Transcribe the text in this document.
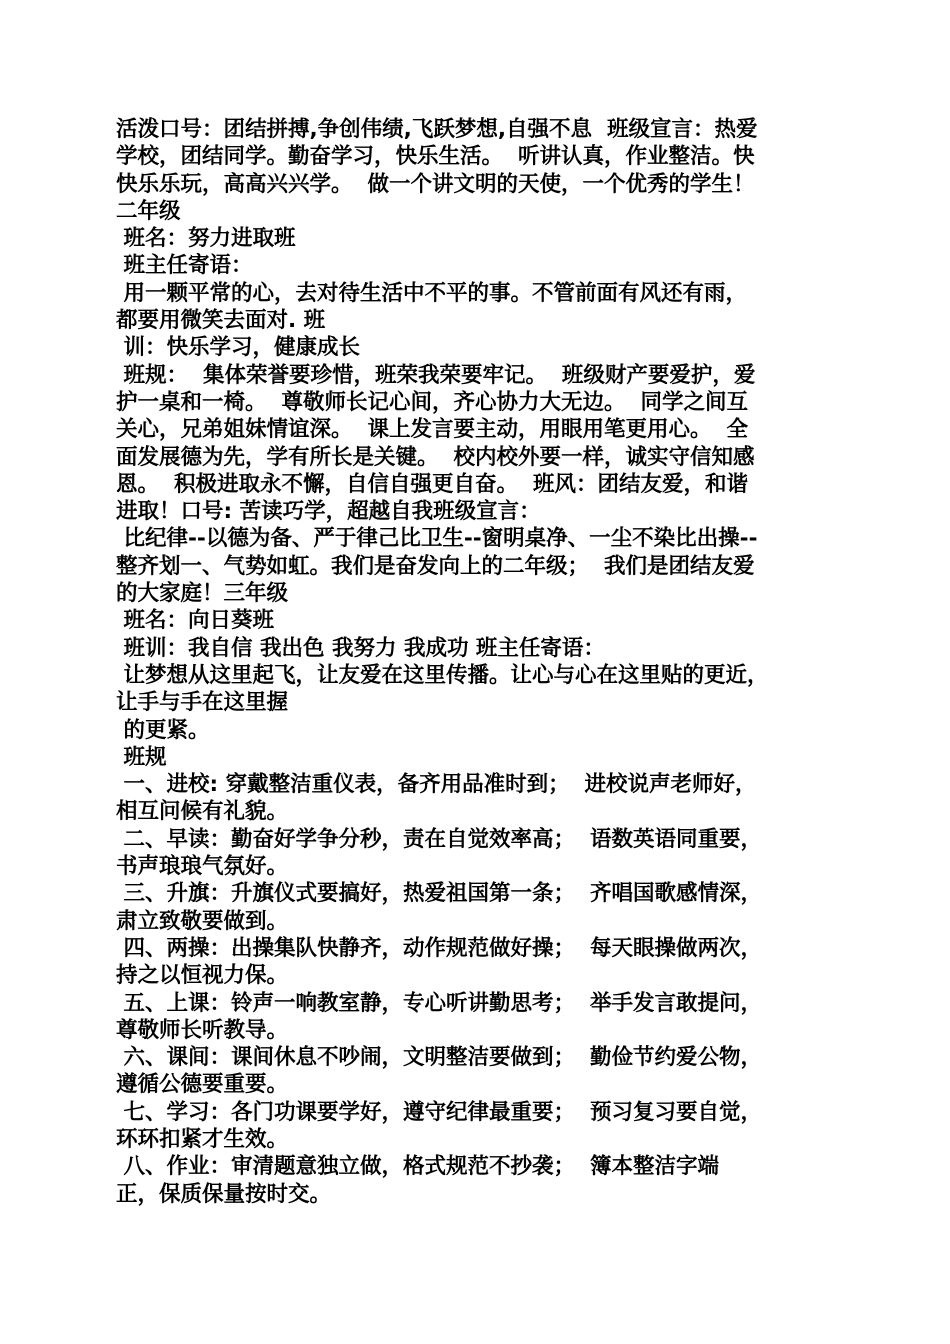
活泼口号：团结拼搏,争创伟绩,飞跃梦想,自强不息  班级宣言：热爱
学校，团结同学。勤奋学习，快乐生活。  听讲认真，作业整洁。快
快乐乐玩，高高兴兴学。  做一个讲文明的天使，一个优秀的学生！
二年级
班名：努力进取班
班主任寄语：
用一颗平常的心，去对待生活中不平的事。不管前面有风还有雨，
都要用微笑去面对. 班
训：快乐学习，健康成长
班规：  集体荣誉要珍惜，班荣我荣要牢记。  班级财产要爱护，爱
护一桌和一椅。  尊敬师长记心间，齐心协力大无边。  同学之间互
关心，兄弟姐妹情谊深。  课上发言要主动，用眼用笔更用心。  全
面发展德为先，学有所长是关键。  校内校外要一样，诚实守信知感
恩。  积极进取永不懈，自信自强更自奋。  班风：团结友爱，和谐
进取！口号: 苦读巧学，超越自我班级宣言：
比纪律--以德为备、严于律己比卫生--窗明桌净、一尘不染比出操--
整齐划一、气势如虹。我们是奋发向上的二年级；  我们是团结友爱
的大家庭！三年级
班名：向日葵班
班训：我自信 我出色 我努力 我成功 班主任寄语：
让梦想从这里起飞，让友爱在这里传播。让心与心在这里贴的更近，
让手与手在这里握
的更紧。
班规
一、进校: 穿戴整洁重仪表，备齐用品准时到；  进校说声老师好，
相互问候有礼貌。
二、早读：勤奋好学争分秒，责在自觉效率高；  语数英语同重要，
书声琅琅气氛好。
三、升旗：升旗仪式要搞好，热爱祖国第一条；  齐唱国歌感情深，
肃立致敬要做到。
四、两操：出操集队快静齐，动作规范做好操；  每天眼操做两次，
持之以恒视力保。
五、上课：铃声一响教室静，专心听讲勤思考；  举手发言敢提问，
尊敬师长听教导。
六、课间：课间休息不吵闹，文明整洁要做到；  勤俭节约爱公物，
遵循公德要重要。
七、学习：各门功课要学好，遵守纪律最重要；  预习复习要自觉，
环环扣紧才生效。
八、作业：审清题意独立做，格式规范不抄袭；  簿本整洁字端
正，保质保量按时交。
